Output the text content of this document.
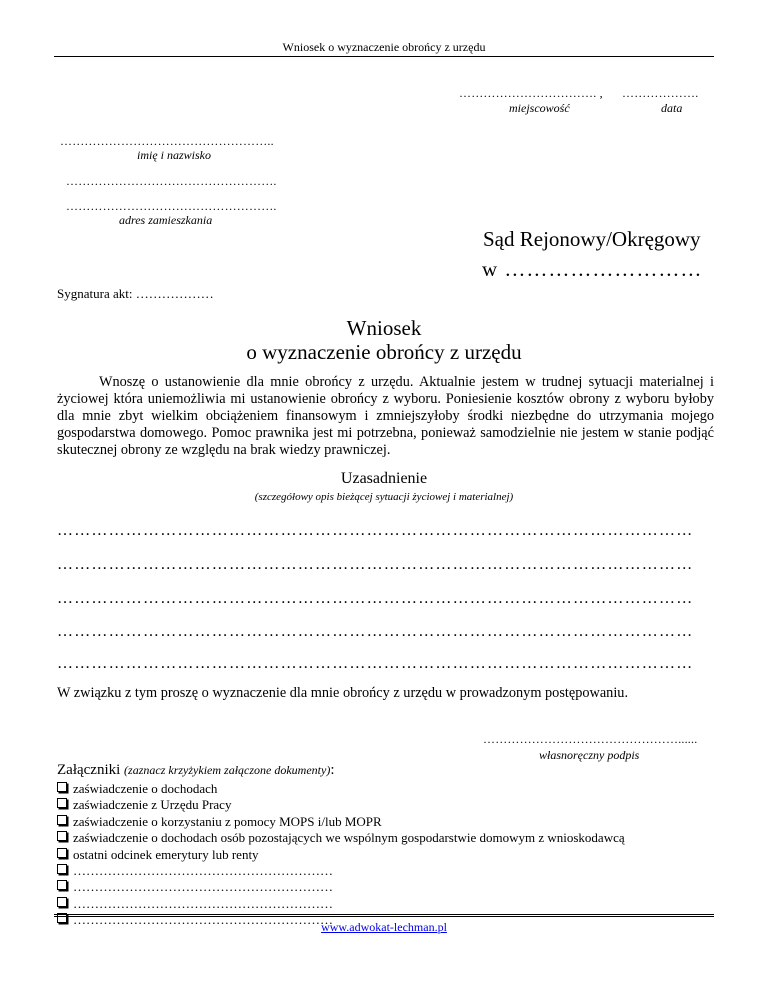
Wniosek o wyznaczenie obrońcy z urzędu
……………………………. ,
miejscowość
……………….
data
……………………………………………..
imię i nazwisko
…………………………………………….
…………………………………………….
adres zamieszkania
Sąd Rejonowy/Okręgowy
w ………………………
Sygnatura akt: ………………
Wniosek
o wyznaczenie obrońcy z urzędu
Wnoszę o ustanowienie dla mnie obrońcy z urzędu. Aktualnie jestem w trudnej sytuacji materialnej i życiowej która uniemożliwia mi ustanowienie obrońcy z wyboru. Poniesienie kosztów obrony z wyboru byłoby dla mnie zbyt wielkim obciążeniem finansowym i zmniejszyłoby środki niezbędne do utrzymania mojego gospodarstwa domowego. Pomoc prawnika jest mi potrzebna, ponieważ samodzielnie nie jestem w stanie podjąć skutecznej obrony ze względu na brak wiedzy prawniczej.
Uzasadnienie
(szczegółowy opis bieżącej sytuacji życiowej i materialnej)
…………………………………………………………………………………………………
…………………………………………………………………………………………………
…………………………………………………………………………………………………
…………………………………………………………………………………………………
…………………………………………………………………………………………………
W związku z tym proszę o wyznaczenie dla mnie obrońcy z urzędu w prowadzonym postępowaniu.
…………………………………………......
własnoręczny podpis
Załączniki (zaznacz krzyżykiem załączone dokumenty):
zaświadczenie o dochodach
zaświadczenie z Urzędu Pracy
zaświadczenie o korzystaniu z pomocy MOPS i/lub MOPR
zaświadczenie o dochodach osób pozostających we wspólnym gospodarstwie domowym z wnioskodawcą
ostatni odcinek emerytury lub renty
……………………………………………………
……………………………………………………
……………………………………………………
……………………………………………………
www.adwokat-lechman.pl
